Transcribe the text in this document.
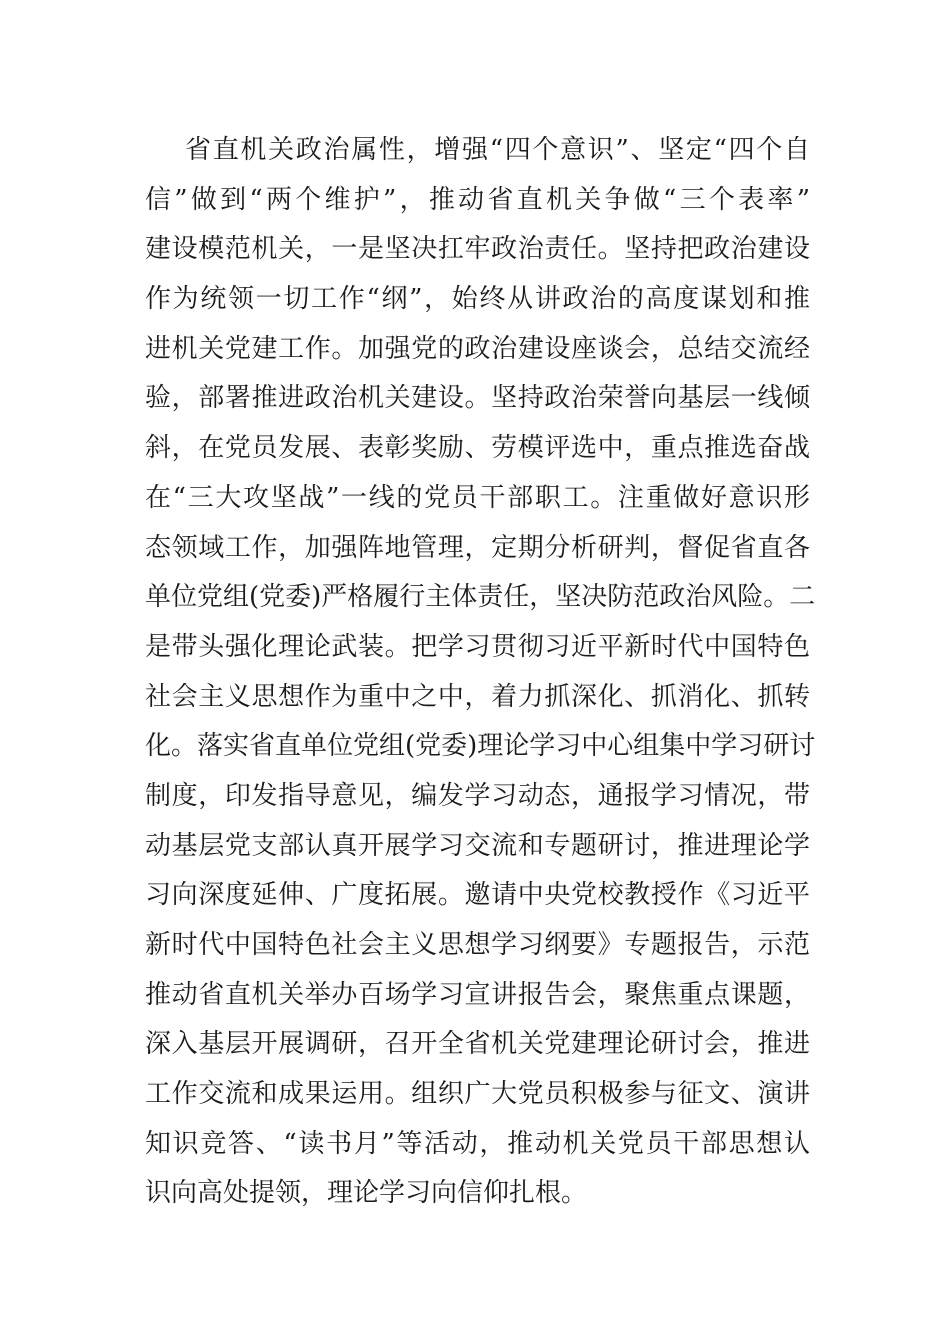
省直机关政治属性，增强“四个意识”、坚定“四个自
信”做到“两个维护”，推动省直机关争做“三个表率”
建设模范机关，一是坚决扛牢政治责任。坚持把政治建设
作为统领一切工作“纲”，始终从讲政治的高度谋划和推
进机关党建工作。加强党的政治建设座谈会，总结交流经
验，部署推进政治机关建设。坚持政治荣誉向基层一线倾
斜，在党员发展、表彰奖励、劳模评选中，重点推选奋战
在“三大攻坚战”一线的党员干部职工。注重做好意识形
态领域工作，加强阵地管理，定期分析研判，督促省直各
单位党组(党委)严格履行主体责任，坚决防范政治风险。二
是带头强化理论武装。把学习贯彻习近平新时代中国特色
社会主义思想作为重中之中，着力抓深化、抓消化、抓转
化。落实省直单位党组(党委)理论学习中心组集中学习研讨
制度，印发指导意见，编发学习动态，通报学习情况，带
动基层党支部认真开展学习交流和专题研讨，推进理论学
习向深度延伸、广度拓展。邀请中央党校教授作《习近平
新时代中国特色社会主义思想学习纲要》专题报告，示范
推动省直机关举办百场学习宣讲报告会，聚焦重点课题，
深入基层开展调研，召开全省机关党建理论研讨会，推进
工作交流和成果运用。组织广大党员积极参与征文、演讲
知识竞答、“读书月”等活动，推动机关党员干部思想认
识向高处提领，理论学习向信仰扎根。
